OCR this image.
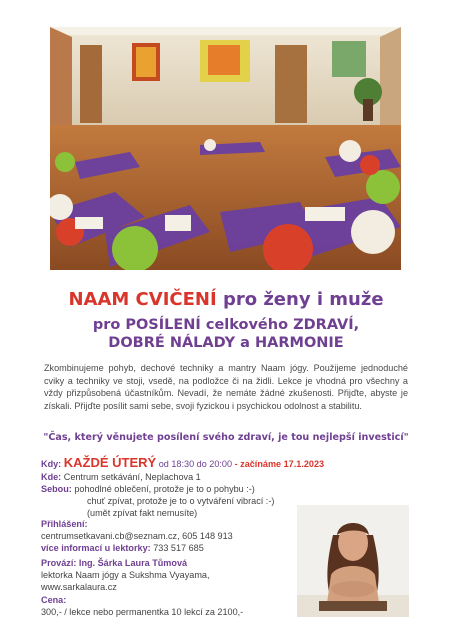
NAAM CVIČENÍ pro ženy i muže
pro POSÍLENÍ celkového ZDRAVÍ,
DOBRÉ NÁLADY a HARMONIE
Zkombinujeme pohyb, dechové techniky a mantry Naam jógy. Použijeme jednoduché cviky a techniky ve stoji, vsedě, na podložce či na židli. Lekce je vhodná pro všechny a vždy přizpůsobená účastníkům. Nevadí, že nemáte žádné zkušenosti. Přijďte, abyste je získali. Přijďte posílit sami sebe, svoji fyzickou i psychickou odolnost a stabilitu.
"Čas, který věnujete posílení svého zdraví, je tou nejlepší investicí"
Kdy: KAŽDÉ ÚTERÝ od 18:30 do 20:00 - začínáme 17.1.2023
Kde: Centrum setkávání, Neplachova 1
Sebou: pohodlné oblečení, protože je to o pohybu :-)
chuť zpívat, protože je to o vytváření vibrací :-)
(umět zpívat fakt nemusíte)
Přihlášení:
centrumsetkavani.cb@seznam.cz, 605 148 913
více informací u lektorky: 733 517 685
Provází: Ing. Šárka Laura Tůmová
lektorka Naam jógy a Sukshma Vyayama,
www.sarkalaura.cz
Cena:
300,- / lekce nebo permanentka 10 lekcí za 2100,-
